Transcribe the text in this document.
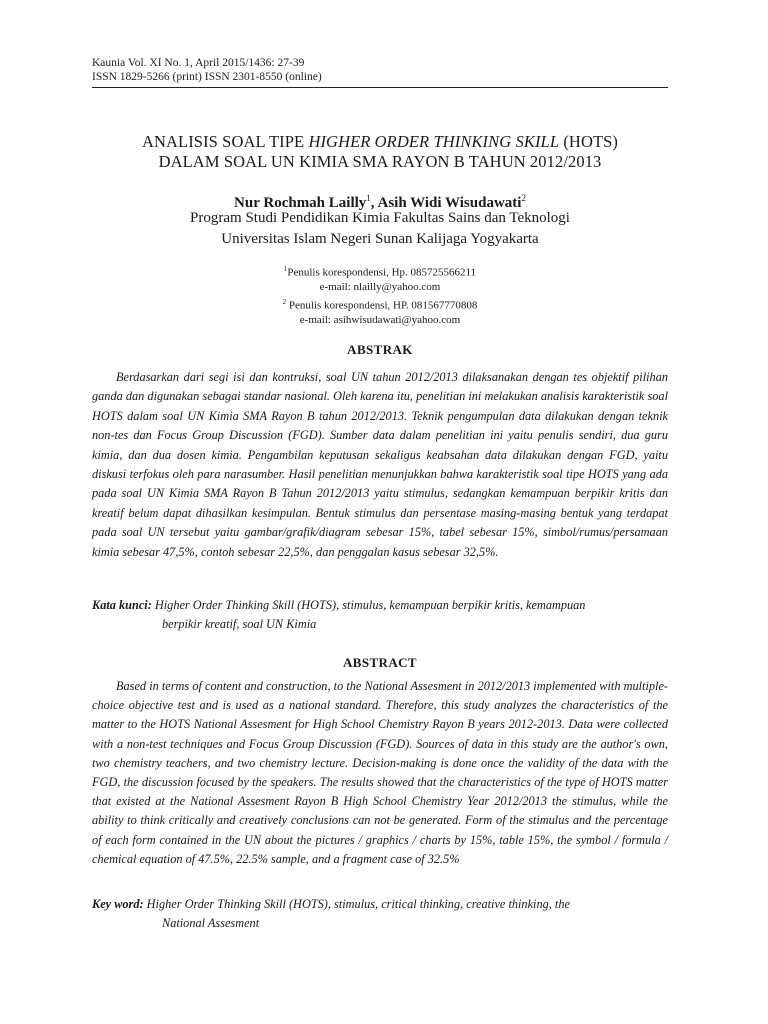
Kaunia Vol. XI No. 1, April 2015/1436: 27-39
ISSN 1829-5266 (print) ISSN 2301-8550 (online)
ANALISIS SOAL TIPE HIGHER ORDER THINKING SKILL (HOTS)
DALAM SOAL UN KIMIA SMA RAYON B TAHUN 2012/2013
Nur Rochmah Lailly$^1$, Asih Widi Wisudawati$^2$
Program Studi Pendidikan Kimia Fakultas Sains dan Teknologi
Universitas Islam Negeri Sunan Kalijaga Yogyakarta
$^1$Penulis korespondensi, Hp. 085725566211
e-mail: nlailly@yahoo.com
$^2$ Penulis korespondensi, HP. 081567770808
e-mail: asihwisudawati@yahoo.com
ABSTRAK

Berdasarkan dari segi isi dan kontruksi, soal UN tahun 2012/2013 dilaksanakan dengan tes objektif pilihan ganda dan digunakan sebagai standar nasional. Oleh karena itu, penelitian ini melakukan analisis karakteristik soal HOTS dalam soal UN Kimia SMA Rayon B tahun 2012/2013. Teknik pengumpulan data dilakukan dengan teknik non-tes dan Focus Group Discussion (FGD). Sumber data dalam penelitian ini yaitu penulis sendiri, dua guru kimia, dan dua dosen kimia. Pengambilan keputusan sekaligus keabsahan data dilakukan dengan FGD, yaitu diskusi terfokus oleh para narasumber. Hasil penelitian menunjukkan bahwa karakteristik soal tipe HOTS yang ada pada soal UN Kimia SMA Rayon B Tahun 2012/2013 yaitu stimulus, sedangkan kemampuan berpikir kritis dan kreatif belum dapat dihasilkan kesimpulan. Bentuk stimulus dan persentase masing-masing bentuk yang terdapat pada soal UN tersebut yaitu gambar/grafik/diagram sebesar 15%, tabel sebesar 15%, simbol/rumus/persamaan kimia sebesar 47,5%, contoh sebesar 22,5%, dan penggalan kasus sebesar 32,5%.

Kata kunci: Higher Order Thinking Skill (HOTS), stimulus, kemampuan berpikir kritis, kemampuan
berpikir kreatif, soal UN Kimia

ABSTRACT

Based in terms of content and construction, to the National Assesment in 2012/2013 implemented with multiple-choice objective test and is used as a national standard. Therefore, this study analyzes the characteristics of the matter to the HOTS National Assesment for High School Chemistry Rayon B years 2012-2013. Data were collected with a non-test techniques and Focus Group Discussion (FGD). Sources of data in this study are the author's own, two chemistry teachers, and two chemistry lecture. Decision-making is done once the validity of the data with the FGD, the discussion focused by the speakers. The results showed that the characteristics of the type of HOTS matter that existed at the National Assesment Rayon B High School Chemistry Year 2012/2013 the stimulus, while the ability to think critically and creatively conclusions can not be generated. Form of the stimulus and the percentage of each form contained in the UN about the pictures / graphics / charts by 15%, table 15%, the symbol / formula / chemical equation of 47.5%, 22.5% sample, and a fragment case of 32.5%

Key word: Higher Order Thinking Skill (HOTS), stimulus, critical thinking, creative thinking, the
National Assesment
